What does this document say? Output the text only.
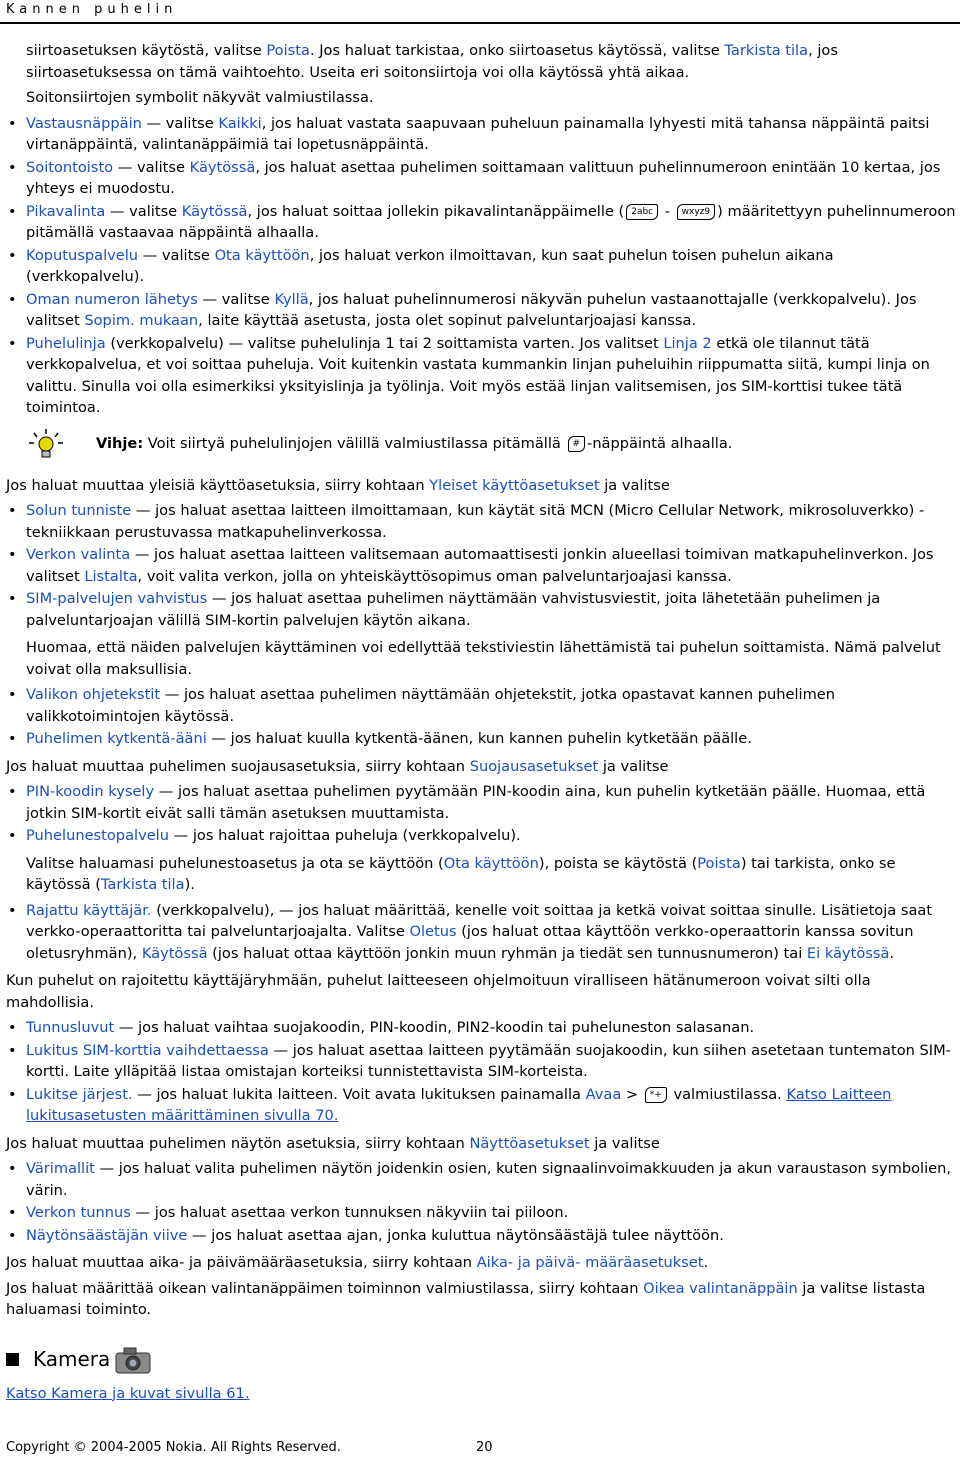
Kannen puhelin

siirtoasetuksen käytöstä, valitse Poista. Jos haluat tarkistaa, onko siirtoasetus käytössä, valitse Tarkista tila, jos siirtoasetuksessa on tämä vaihtoehto. Useita eri soitonsiirtoja voi olla käytössä yhtä aikaa.

Soitonsiirtojen symbolit näkyvät valmiustilassa.

• Vastausnäppäin — valitse Kaikki, jos haluat vastata saapuvaan puheluun painamalla lyhyesti mitä tahansa näppäintä paitsi virtanäppäintä, valintanäppäimiä tai lopetusnäppäintä.
• Soitontoisto — valitse Käytössä, jos haluat asettaa puhelimen soittamaan valittuun puhelinnumeroon enintään 10 kertaa, jos yhteys ei muodostu.
• Pikavalinta — valitse Käytössä, jos haluat soittaa jollekin pikavalintanäppäimelle ( 2abc - wxyz9 ) määritettyyn puhelinnumeroon pitämällä vastaavaa näppäintä alhaalla.
• Koputuspalvelu — valitse Ota käyttöön, jos haluat verkon ilmoittavan, kun saat puhelun toisen puhelun aikana (verkkopalvelu).
• Oman numeron lähetys — valitse Kyllä, jos haluat puhelinnumerosi näkyvän puhelun vastaanottajalle (verkkopalvelu). Jos valitset Sopim. mukaan, laite käyttää asetusta, josta olet sopinut palveluntarjoajasi kanssa.
• Puhelulinja (verkkopalvelu) — valitse puhelulinja 1 tai 2 soittamista varten. Jos valitset Linja 2 etkä ole tilannut tätä verkkopalvelua, et voi soittaa puheluja. Voit kuitenkin vastata kummankin linjan puheluihin riippumatta siitä, kumpi linja on valittu. Sinulla voi olla esimerkiksi yksityislinja ja työlinja. Voit myös estää linjan valitsemisen, jos SIM-korttisi tukee tätä toimintoa.
Vihje: Voit siirtyä puhelulinjojen välillä valmiustilassa pitämällä # -näppäintä alhaalla.

Jos haluat muuttaa yleisiä käyttöasetuksia, siirry kohtaan Yleiset käyttöasetukset ja valitse

• Solun tunniste — jos haluat asettaa laitteen ilmoittamaan, kun käytät sitä MCN (Micro Cellular Network, mikrosoluverkko) -tekniikkaan perustuvassa matkapuhelinverkossa.
• Verkon valinta — jos haluat asettaa laitteen valitsemaan automaattisesti jonkin alueellasi toimivan matkapuhelinverkon. Jos valitset Listalta, voit valita verkon, jolla on yhteiskäyttösopimus oman palveluntarjoajasi kanssa.
• SIM-palvelujen vahvistus — jos haluat asettaa puhelimen näyttämään vahvistusviestit, joita lähetetään puhelimen ja palveluntarjoajan välillä SIM-kortin palvelujen käytön aikana.

Huomaa, että näiden palvelujen käyttäminen voi edellyttää tekstiviestin lähettämistä tai puhelun soittamista. Nämä palvelut voivat olla maksullisia.

• Valikon ohjetekstit — jos haluat asettaa puhelimen näyttämään ohjetekstit, jotka opastavat kannen puhelimen valikkotoimintojen käytössä.
• Puhelimen kytkentä-ääni — jos haluat kuulla kytkentä-äänen, kun kannen puhelin kytketään päälle.

Jos haluat muuttaa puhelimen suojausasetuksia, siirry kohtaan Suojausasetukset ja valitse

• PIN-koodin kysely — jos haluat asettaa puhelimen pyytämään PIN-koodin aina, kun puhelin kytketään päälle. Huomaa, että jotkin SIM-kortit eivät salli tämän asetuksen muuttamista.
• Puhelunestopalvelu — jos haluat rajoittaa puheluja (verkkopalvelu).

Valitse haluamasi puhelunestoasetus ja ota se käyttöön (Ota käyttöön), poista se käytöstä (Poista) tai tarkista, onko se käytössä (Tarkista tila).

• Rajattu käyttäjär. (verkkopalvelu), — jos haluat määrittää, kenelle voit soittaa ja ketkä voivat soittaa sinulle. Lisätietoja saat verkko-operaattoritta tai palveluntarjoajalta. Valitse Oletus (jos haluat ottaa käyttöön verkko-operaattorin kanssa sovitun oletusryhmän), Käytössä (jos haluat ottaa käyttöön jonkin muun ryhmän ja tiedät sen tunnusnumeron) tai Ei käytössä.

Kun puhelut on rajoitettu käyttäjäryhmään, puhelut laitteeseen ohjelmoituun viralliseen hätänumeroon voivat silti olla mahdollisia.

• Tunnusluvut — jos haluat vaihtaa suojakoodin, PIN-koodin, PIN2-koodin tai puheluneston salasanan.
• Lukitus SIM-korttia vaihdettaessa — jos haluat asettaa laitteen pyytämään suojakoodin, kun siihen asetetaan tuntematon SIM-kortti. Laite ylläpitää listaa omistajan korteiksi tunnistettavista SIM-korteista.
• Lukitse järjest. — jos haluat lukita laitteen. Voit avata lukituksen painamalla Avaa > *+ valmiustilassa. Katso Laitteen lukitusasetusten määrittäminen sivulla 70.

Jos haluat muuttaa puhelimen näytön asetuksia, siirry kohtaan Näyttöasetukset ja valitse

• Värimallit — jos haluat valita puhelimen näytön joidenkin osien, kuten signaalinvoimakkuuden ja akun varaustason symbolien, värin.
• Verkon tunnus — jos haluat asettaa verkon tunnuksen näkyviin tai piiloon.
• Näytönsäästäjän viive — jos haluat asettaa ajan, jonka kuluttua näytönsäästäjä tulee näyttöön.

Jos haluat muuttaa aika- ja päivämääräasetuksia, siirry kohtaan Aika- ja päivä- määräasetukset.

Jos haluat määrittää oikean valintanäppäimen toiminnon valmiustilassa, siirry kohtaan Oikea valintanäppäin ja valitse listasta haluamasi toiminto.

Kamera

Katso Kamera ja kuvat sivulla 61.

Copyright © 2004-2005 Nokia. All Rights Reserved.	20
